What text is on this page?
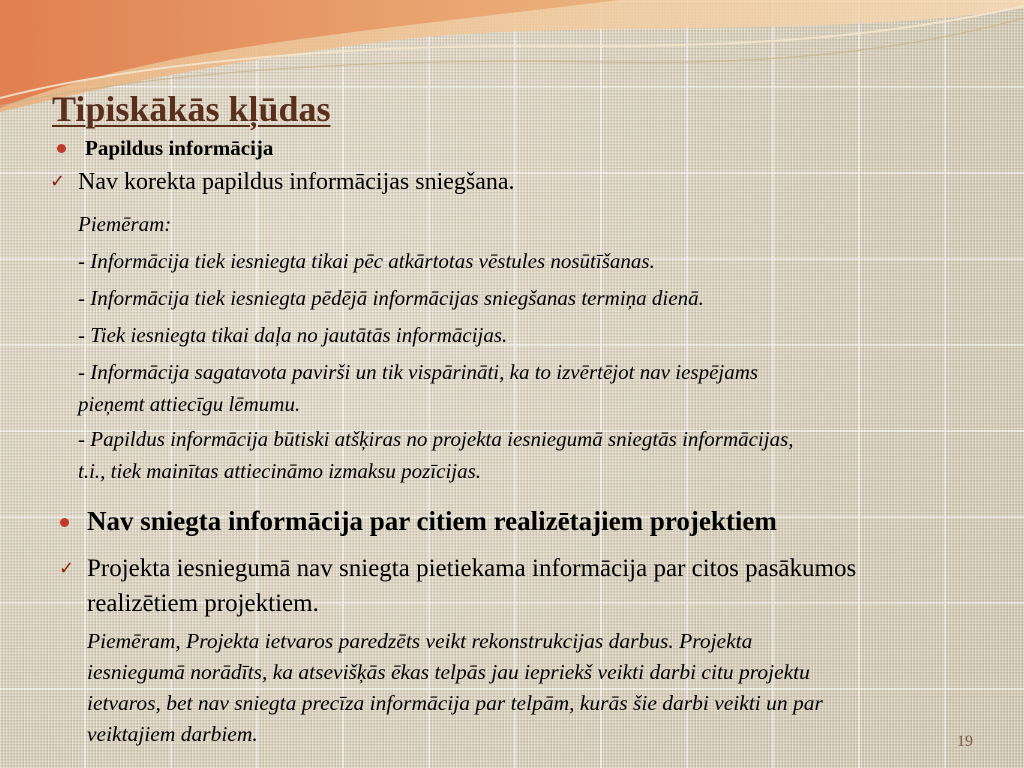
Tipiskākās kļūdas
Papildus informācija
✓ Nav korekta papildus informācijas sniegšana.
Piemēram:
- Informācija tiek iesniegta tikai pēc atkārtotas vēstules nosūtīšanas.
- Informācija tiek iesniegta pēdējā informācijas sniegšanas termiņa dienā.
- Tiek iesniegta tikai daļa no jautātās informācijas.
- Informācija sagatavota pavirši un tik vispārināti, ka to izvērtējot nav iespējams
pieņemt attiecīgu lēmumu.
- Papildus informācija būtiski atšķiras no projekta iesniegumā sniegtās informācijas,
t.i., tiek mainītas attiecināmo izmaksu pozīcijas.
Nav sniegta informācija par citiem realizētajiem projektiem
✓ Projekta iesniegumā nav sniegta pietiekama informācija par citos pasākumos
realizētiem projektiem.
Piemēram, Projekta ietvaros paredzēts veikt rekonstrukcijas darbus. Projekta
iesniegumā norādīts, ka atsevišķās ēkas telpās jau iepriekš veikti darbi citu projektu
ietvaros, bet nav sniegta precīza informācija par telpām, kurās šie darbi veikti un par
veiktajiem darbiem.	19
